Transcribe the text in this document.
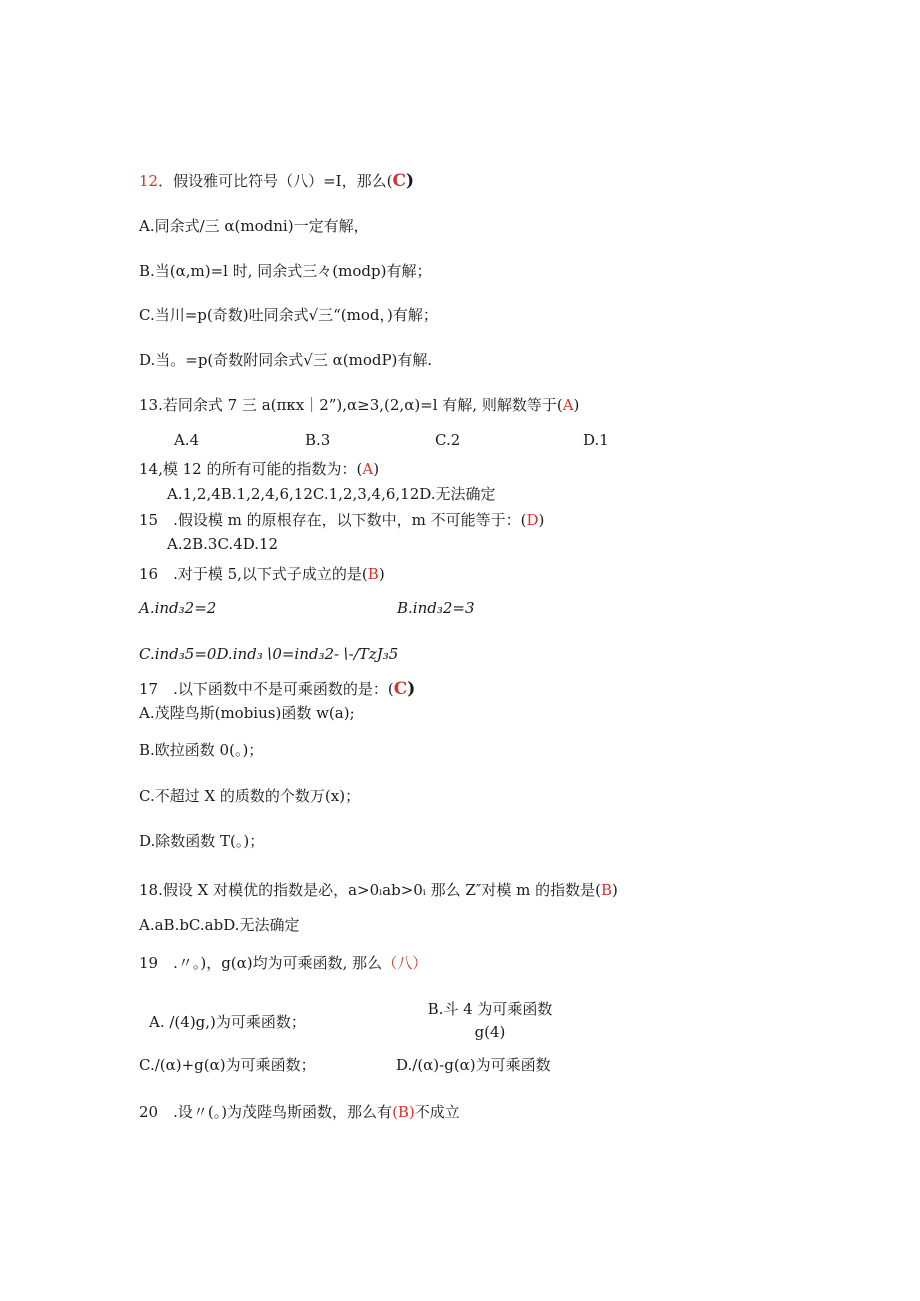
12．假设雅可比符号（八）=I，那么(C)
A.同余式/三 α(modni)一定有解，
B.当(α,m)=l 时, 同余式三々(modp)有解；
C.当川=p(奇数)吐同余式√三“(mod，)有解；
D.当。=p(奇数附同余式√三 α(modP)有解.
13.若同余式 7 三 a(πкx｜2”),α≥3,(2,α)=l 有解, 则解数等于(A)
A.4	B.3	C.2	D.1
14,模 12 的所有可能的指数为：(A)
A.1,2,4B.1,2,4,6,12C.1,2,3,4,6,12D.无法确定
15　.假设模 m 的原根存在，以下数中，m 不可能等于：(D)
A.2B.3C.4D.12
16　.对于模 5,以下式子成立的是(B)
A.ind₃2=2	B.ind₃2=3
C.ind₃5=0D.ind₃∖0=ind₃2-∖-/TzJ₃5
17　.以下函数中不是可乘函数的是：(C)
A.茂陛鸟斯(mobius)函数 w(a);
B.欧拉函数 0(。)；
C.不超过 X 的质数的个数万(x)；
D.除数函数 T(。)；
18.假设 X 对模优的指数是必，a>0ᵢab>0ᵢ 那么 Z″对模 m 的指数是(B)
A.aB.bC.abD.无法确定
19　.〃。)，g(α)均为可乘函数, 那么（八）
A. /(4)g,)为可乘函数；
B.斗 4 为可乘函数
g(4)
C./(α)+g(α)为可乘函数；	D./(α)-g(α)为可乘函数
20　.设〃(。)为茂陛鸟斯函数，那么有(B)不成立
